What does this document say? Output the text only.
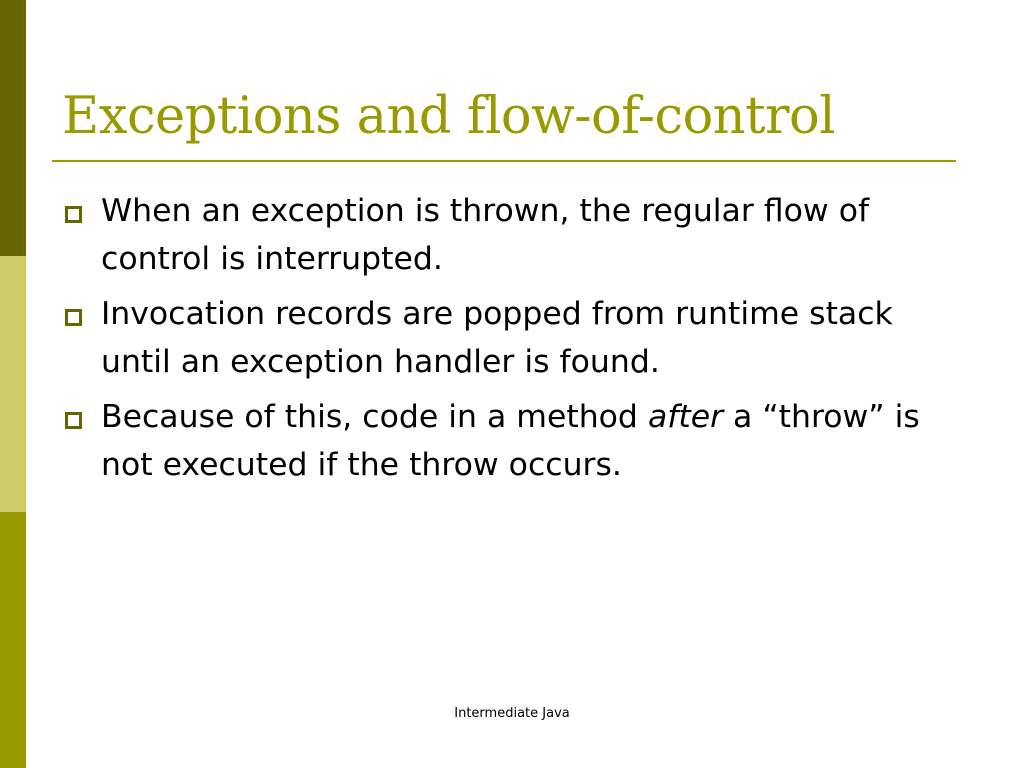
Exceptions and flow-of-control
When an exception is thrown, the regular flow of control is interrupted.
Invocation records are popped from runtime stack until an exception handler is found.
Because of this, code in a method after a “throw” is not executed if the throw occurs.
Intermediate Java
